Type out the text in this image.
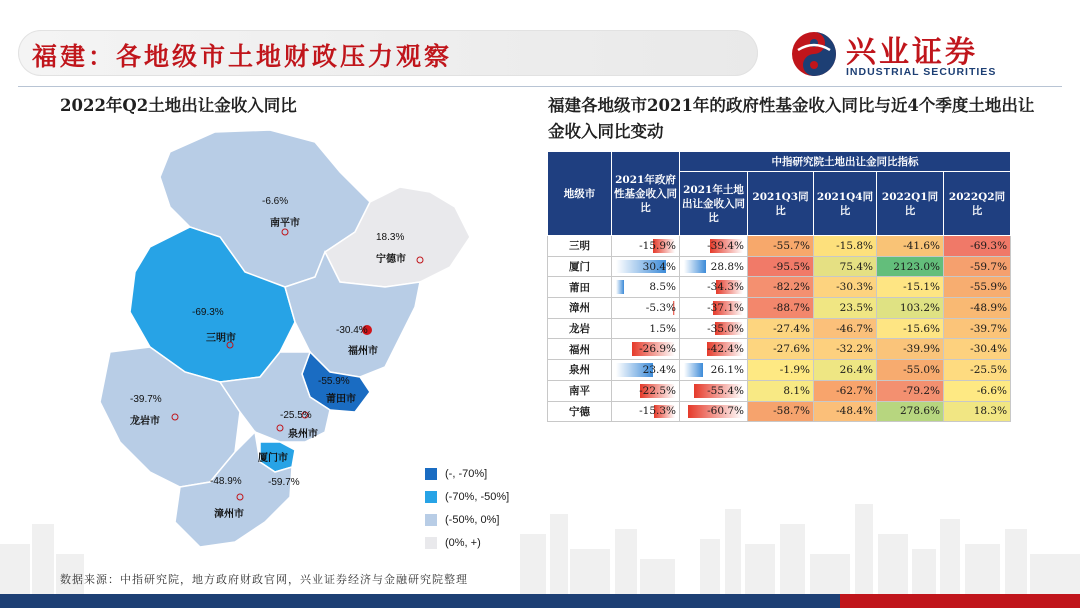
福建：各地级市土地财政压力观察	兴业证券
INDUSTRIAL SECURITIES
2022年Q2土地出让金收入同比	福建各地级市2021年的政府性基金收入同比与近4个季度土地出让金收入同比变动
-6.6%
南平市
18.3%
宁德市
-69.3%
三明市
-30.4%
福州市
-55.9%
莆田市
-39.7%
龙岩市
-25.5%
泉州市
厦门市
-59.7%
-48.9%
漳州市
(-, -70%]
(-70%, -50%]
(-50%, 0%]
(0%, +)
地级市	2021年政府性基金收入同比	中指研究院土地出让金同比指标				
		2021年土地出让金收入同比	2021Q3同比	2021Q4同比	2022Q1同比	2022Q2同比
三明	-15.9%	-39.4%	-55.7%	-15.8%	-41.6%	-69.3%
厦门	30.4%	28.8%	-95.5%	75.4%	2123.0%	-59.7%
莆田	8.5%	-34.3%	-82.2%	-30.3%	-15.1%	-55.9%
漳州	-5.3%	-37.1%	-88.7%	23.5%	103.2%	-48.9%
龙岩	1.5%	-35.0%	-27.4%	-46.7%	-15.6%	-39.7%
福州	-26.9%	-42.4%	-27.6%	-32.2%	-39.9%	-30.4%
泉州	23.4%	26.1%	-1.9%	26.4%	-55.0%	-25.5%
南平	-22.5%	-55.4%	8.1%	-62.7%	-79.2%	-6.6%
宁德	-15.3%	-60.7%	-58.7%	-48.4%	278.6%	18.3%
数据来源：中指研究院，地方政府财政官网，兴业证券经济与金融研究院整理
